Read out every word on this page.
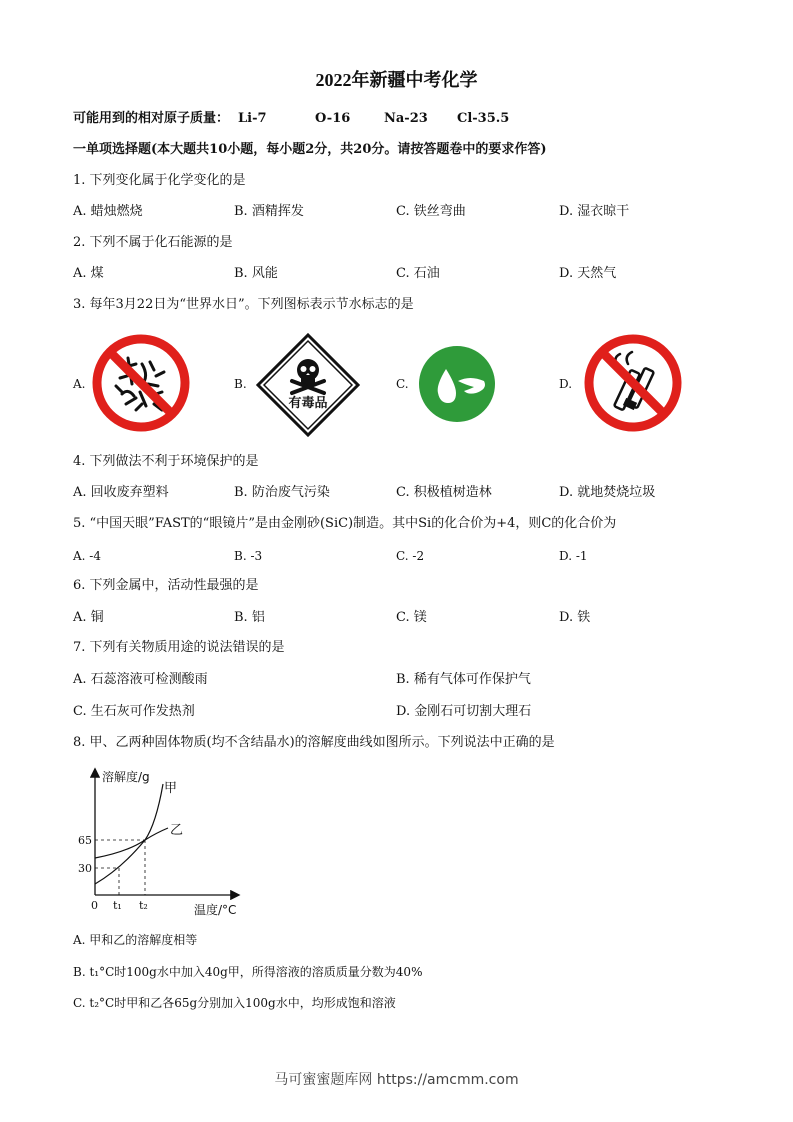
2022年新疆中考化学
可能用到的相对原子质量： Li-7	O-16	Na-23 Cl-35.5
一单项选择题(本大题共10小题，每小题2分，共20分。请按答题卷中的要求作答)
1. 下列变化属于化学变化的是
A. 蜡烛燃烧	B. 酒精挥发	C. 铁丝弯曲	D. 湿衣晾干
2. 下列不属于化石能源的是
A. 煤	B. 风能	C. 石油	D. 天然气
3. 每年3月22日为“世界水日”。下列图标表示节水标志的是
A.	B.	C.	D.
有毒品
4. 下列做法不利于环境保护的是
A. 回收废弃塑料	B. 防治废气污染	C. 积极植树造林	D. 就地焚烧垃圾
5. “中国天眼”FAST的“眼镜片”是由金刚砂(SiC)制造。其中Si的化合价为+4，则C的化合价为
A. -4	B. -3	C. -2	D. -1
6. 下列金属中，活动性最强的是
A. 铜	B. 铝	C. 镁	D. 铁
7. 下列有关物质用途的说法错误的是
A. 石蕊溶液可检测酸雨	B. 稀有气体可作保护气
C. 生石灰可作发热剂	D. 金刚石可切割大理石
8. 甲、乙两种固体物质(均不含结晶水)的溶解度曲线如图所示。下列说法中正确的是
溶解度/g
温度/°C
甲
乙
65
30
0 t₁ t₂
A. 甲和乙的溶解度相等
B. t₁°C时100g水中加入40g甲，所得溶液的溶质质量分数为40%
C. t₂°C时甲和乙各65g分别加入100g水中，均形成饱和溶液
马可蜜蜜题库网 https://amcmm.com
